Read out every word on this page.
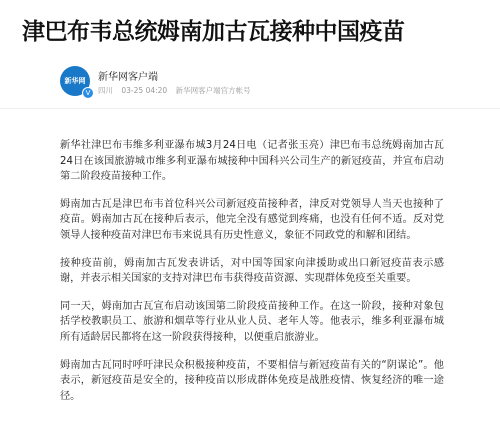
津巴布韦总统姆南加古瓦接种中国疫苗
新华网
V
新华网客户端
四川 03-25 04:20 新华网客户端官方帐号

新华社津巴布韦维多利亚瀑布城3月24日电（记者张玉亮）津巴布韦总统姆南加古瓦24日在该国旅游城市维多利亚瀑布城接种中国科兴公司生产的新冠疫苗，并宣布启动第二阶段疫苗接种工作。

姆南加古瓦是津巴布韦首位科兴公司新冠疫苗接种者，津反对党领导人当天也接种了疫苗。姆南加古瓦在接种后表示，他完全没有感觉到疼痛，也没有任何不适。反对党领导人接种疫苗对津巴布韦来说具有历史性意义，象征不同政党的和解和团结。

接种疫苗前，姆南加古瓦发表讲话，对中国等国家向津援助或出口新冠疫苗表示感谢，并表示相关国家的支持对津巴布韦获得疫苗资源、实现群体免疫至关重要。

同一天，姆南加古瓦宣布启动该国第二阶段疫苗接种工作。在这一阶段，接种对象包括学校教职员工、旅游和烟草等行业从业人员、老年人等。他表示，维多利亚瀑布城所有适龄居民都将在这一阶段获得接种，以便重启旅游业。

姆南加古瓦同时呼吁津民众积极接种疫苗，不要相信与新冠疫苗有关的“阴谋论”。他表示，新冠疫苗是安全的，接种疫苗以形成群体免疫是战胜疫情、恢复经济的唯一途径。
